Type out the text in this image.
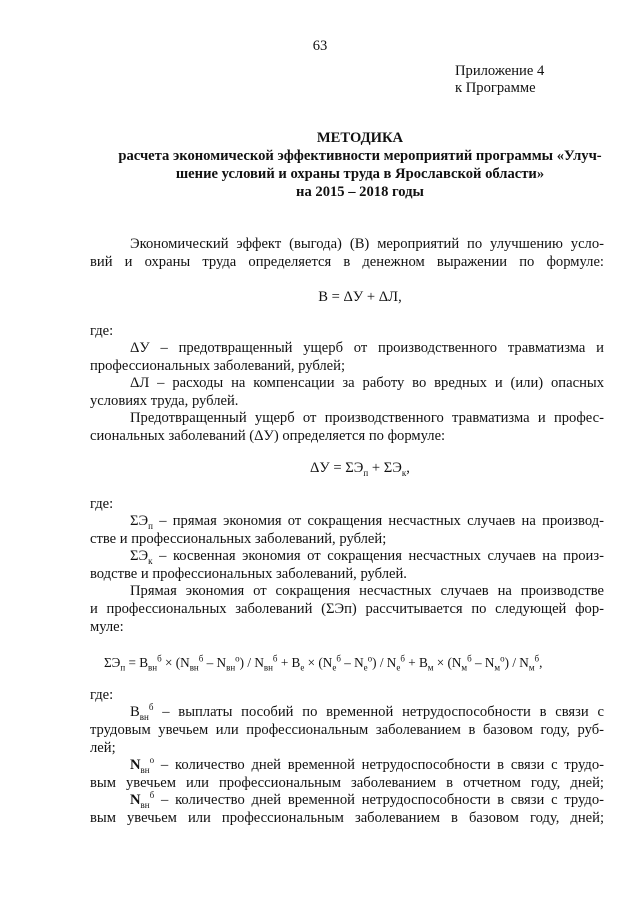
63
Приложение 4
к Программе
МЕТОДИКА
расчета экономической эффективности мероприятий программы «Улуч-
шение условий и охраны труда в Ярославской области»
на 2015 – 2018 годы
Экономический эффект (выгода) (В) мероприятий по улучшению усло-
вий и охраны труда определяется в денежном выражении по формуле:
В = ΔУ + ΔЛ,
где:
ΔУ – предотвращенный ущерб от производственного травматизма и
профессиональных заболеваний, рублей;
ΔЛ – расходы на компенсации за работу во вредных и (или) опасных
условиях труда, рублей.
Предотвращенный ущерб от производственного травматизма и профес-
сиональных заболеваний (ΔУ) определяется по формуле:
$\Delta У = \Sigma Э_п + \Sigma Э_к$,
где:
$\Sigma Э_п$ – прямая экономия от сокращения несчастных случаев на производ-
стве и профессиональных заболеваний, рублей;
$\Sigma Э_к$ – косвенная экономия от сокращения несчастных случаев на произ-
водстве и профессиональных заболеваний, рублей.
Прямая экономия от сокращения несчастных случаев на производстве
и профессиональных заболеваний (ΣЭп) рассчитывается по следующей фор-
муле:
$\Sigma Э_п = В_{вн}^б \times (N_{вн}^б - N_{вн}^о) / N_{вн}^б + В_е \times (N_е^б - N_е^о) / N_е^б + В_м \times (N_м^б - N_м^о) / N_м^б$,
где:
$В_{вн}^б$ – выплаты пособий по временной нетрудоспособности в связи с
трудовым увечьем или профессиональным заболеванием в базовом году, руб-
лей;
$N_{вн}^о$ – количество дней временной нетрудоспособности в связи с трудо-
вым увечьем или профессиональным заболеванием в отчетном году, дней;
$N_{вн}^б$ – количество дней временной нетрудоспособности в связи с трудо-
вым увечьем или профессиональным заболеванием в базовом году, дней;
